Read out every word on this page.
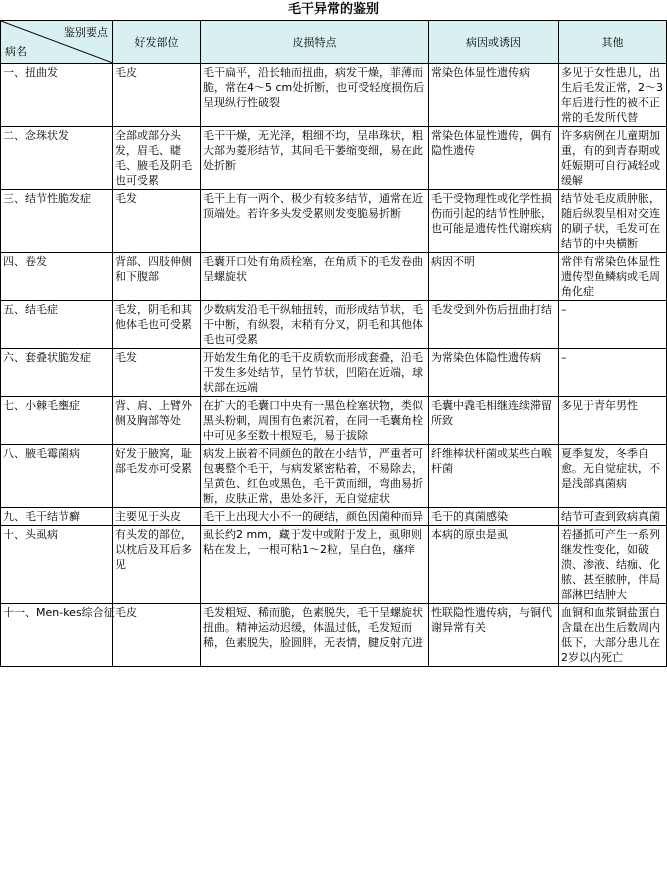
毛干异常的鉴别
鉴别要点
病名	好发部位	皮损特点	病因或诱因	其他
一、扭曲发	毛皮	毛干扁平，沿长轴而扭曲，病发干燥，菲薄而脆，常在4～5 cm处折断，也可受轻度损伤后呈现纵行性破裂	常染色体显性遗传病	多见于女性患儿，出生后毛发正常，2～3年后进行性的被不正常的毛发所代替
二、念珠状发	全部或部分头发，眉毛、睫毛、腋毛及阴毛也可受累	毛干干燥，无光泽，粗细不均，呈串珠状，粗大部为菱形结节，其间毛干萎缩变细，易在此处折断	常染色体显性遗传，偶有隐性遗传	许多病例在儿童期加重，有的到青春期或妊娠期可自行减轻或缓解
三、结节性脆发症	毛发	毛干上有一两个、极少有较多结节，通常在近顶端处。若许多头发受累则发变脆易折断	毛干受物理性或化学性损伤而引起的结节性肿胀，也可能是遗传性代谢疾病	结节处毛皮质肿胀，随后纵裂呈相对交连的刷子状，毛发可在结节的中央横断
四、卷发	背部、四肢伸侧和下腹部	毛囊开口处有角质栓塞，在角质下的毛发卷曲呈螺旋状	病因不明	常伴有常染色体显性遗传型鱼鳞病或毛周角化症
五、结毛症	毛发，阴毛和其他体毛也可受累	少数病发沿毛干纵轴扭转，而形成结节状，毛干中断，有纵裂，末稍有分叉，阴毛和其他体毛也可受累	毛发受到外伤后扭曲打结	–
六、套叠状脆发症	毛发	开始发生角化的毛干皮质软而形成套叠，沿毛干发生多处结节，呈竹节状，凹陷在近端，球状部在远端	为常染色体隐性遗传病	–
七、小棘毛壅症	背、肩、上臂外侧及胸部等处	在扩大的毛囊口中央有一黑色栓塞状物，类似黑头粉刺，周围有色素沉着，在同一毛囊角栓中可见多至数十根短毛，易于拔除	毛囊中毳毛相继连续滞留所致	多见于青年男性
八、腋毛霉菌病	好发于腋窝，耻部毛发亦可受累	病发上嵌着不同颜色的散在小结节，严重者可包裹整个毛干，与病发紧密粘着，不易除去，呈黄色、红色或黑色，毛干黄而细，弯曲易折断，皮肤正常，患处多汗，无自觉症状	纤维棒状杆菌或某些白喉杆菌	夏季复发，冬季自愈。无自觉症状，不是浅部真菌病
九、毛干结节癣	主要见于头皮	毛干上出现大小不一的硬结，颜色因菌种而异	毛干的真菌感染	结节可查到致病真菌
十、头虱病	有头发的部位，以枕后及耳后多见	虱长约2 mm，藏于发中或附于发上，虱卵则粘在发上，一根可粘1～2粒，呈白色，瘙痒	本病的原虫是虱	若搔抓可产生一系列继发性变化，如破溃、渗液、结痂、化脓、甚至脓肿，伴局部淋巴结肿大
十一、Men-kes综合征	毛皮	毛发粗短、稀而脆，色素脱失，毛干呈螺旋状扭曲。精神运动迟缓，体温过低，毛发短而稀，色素脱失，脸圆胖，无表情，腱反射亢进	性联隐性遗传病，与铜代谢异常有关	血铜和血浆铜盐蛋白含量在出生后数周内低下，大部分患儿在2岁以内死亡
